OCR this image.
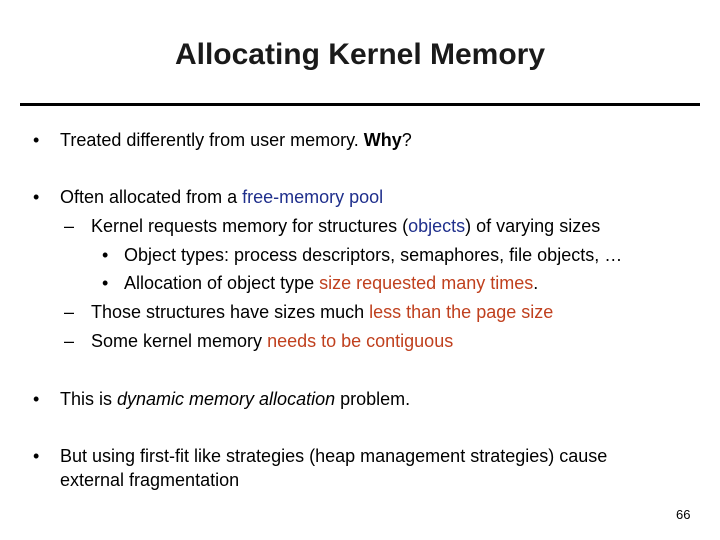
Allocating Kernel Memory
• Treated differently from user memory. Why?
• Often allocated from a free-memory pool
– Kernel requests memory for structures (objects) of varying sizes
• Object types: process descriptors, semaphores, file objects, …
• Allocation of object type size requested many times.
– Those structures have sizes much less than the page size
– Some kernel memory needs to be contiguous
• This is dynamic memory allocation problem.
• But using first-fit like strategies (heap management strategies) cause
external fragmentation
66
